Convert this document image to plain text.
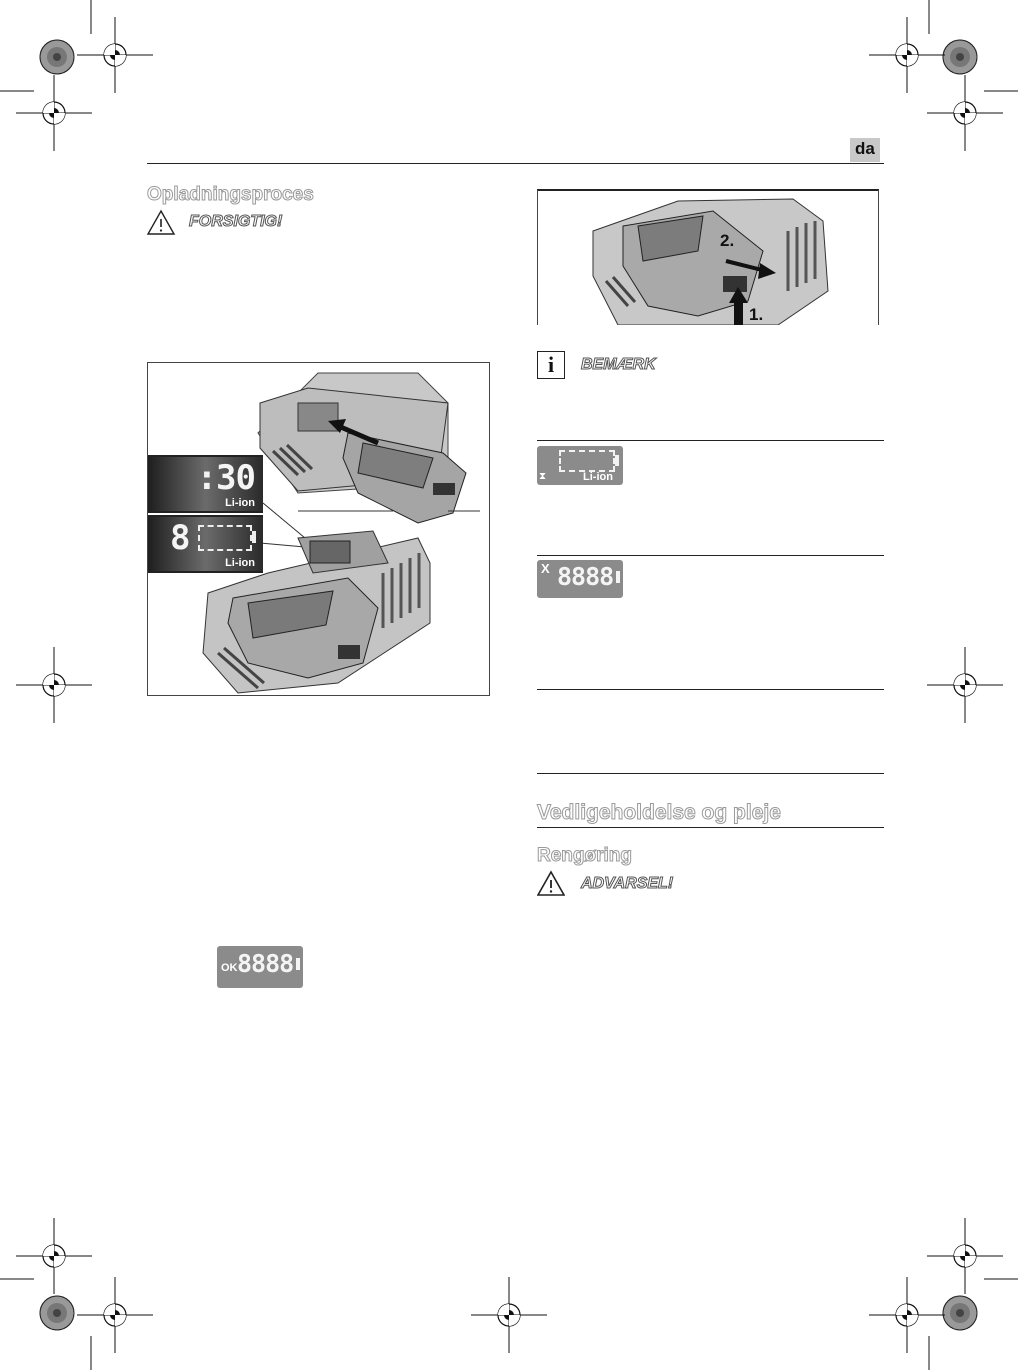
da
Opladningsproces
FORSIGTIG!
:30
Li-ion
8
Li-ion
OK 8888
2.
1.
i	BEMÆRK
⧗	Li-ion
X 8888
Vedligeholdelse og pleje
Rengøring
ADVARSEL!
